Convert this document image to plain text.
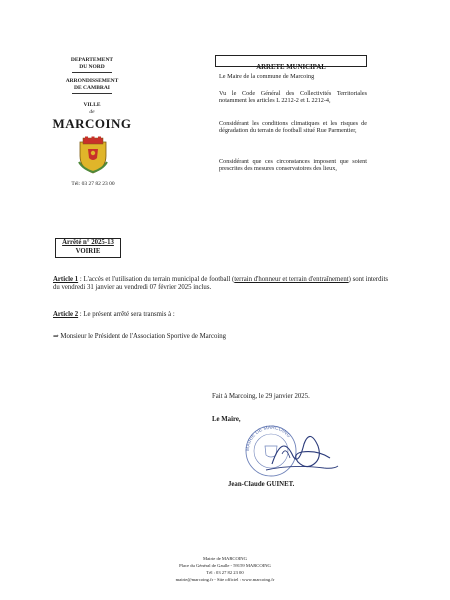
DEPARTEMENT
DU NORD
ARRONDISSEMENT
DE CAMBRAI
VILLE
de
MARCOING
Tél: 03 27 82 23 00
ARRETE MUNICIPAL
Le Maire de la commune de Marcoing
Vu le Code Général des Collectivités Territoriales notamment les articles L 2212-2 et L 2212-4,
Considérant les conditions climatiques et les risques de dégradation du terrain de football situé Rue Parmentier,
Considérant que ces circonstances imposent que soient prescrites des mesures conservatoires des lieux,
Arrêté n° 2025-13
VOIRIE
Article 1 : L'accès et l'utilisation du terrain municipal de football (terrain d'honneur et terrain d'entraînement) sont interdits du vendredi 31 janvier au vendredi 07 février 2025 inclus.
Article 2 : Le présent arrêté sera transmis à :
⇒ Monsieur le Président de l'Association Sportive de Marcoing
Fait à Marcoing, le 29 janvier 2025.
Le Maire,
MAIRIE DE MARCOING
Jean-Claude GUINET.
Mairie de MARCOING
Place du Général de Gaulle - 59159 MARCOING
Tél : 03 27 82 23 00
mairie@marcoing.fr - Site officiel : www.marcoing.fr
